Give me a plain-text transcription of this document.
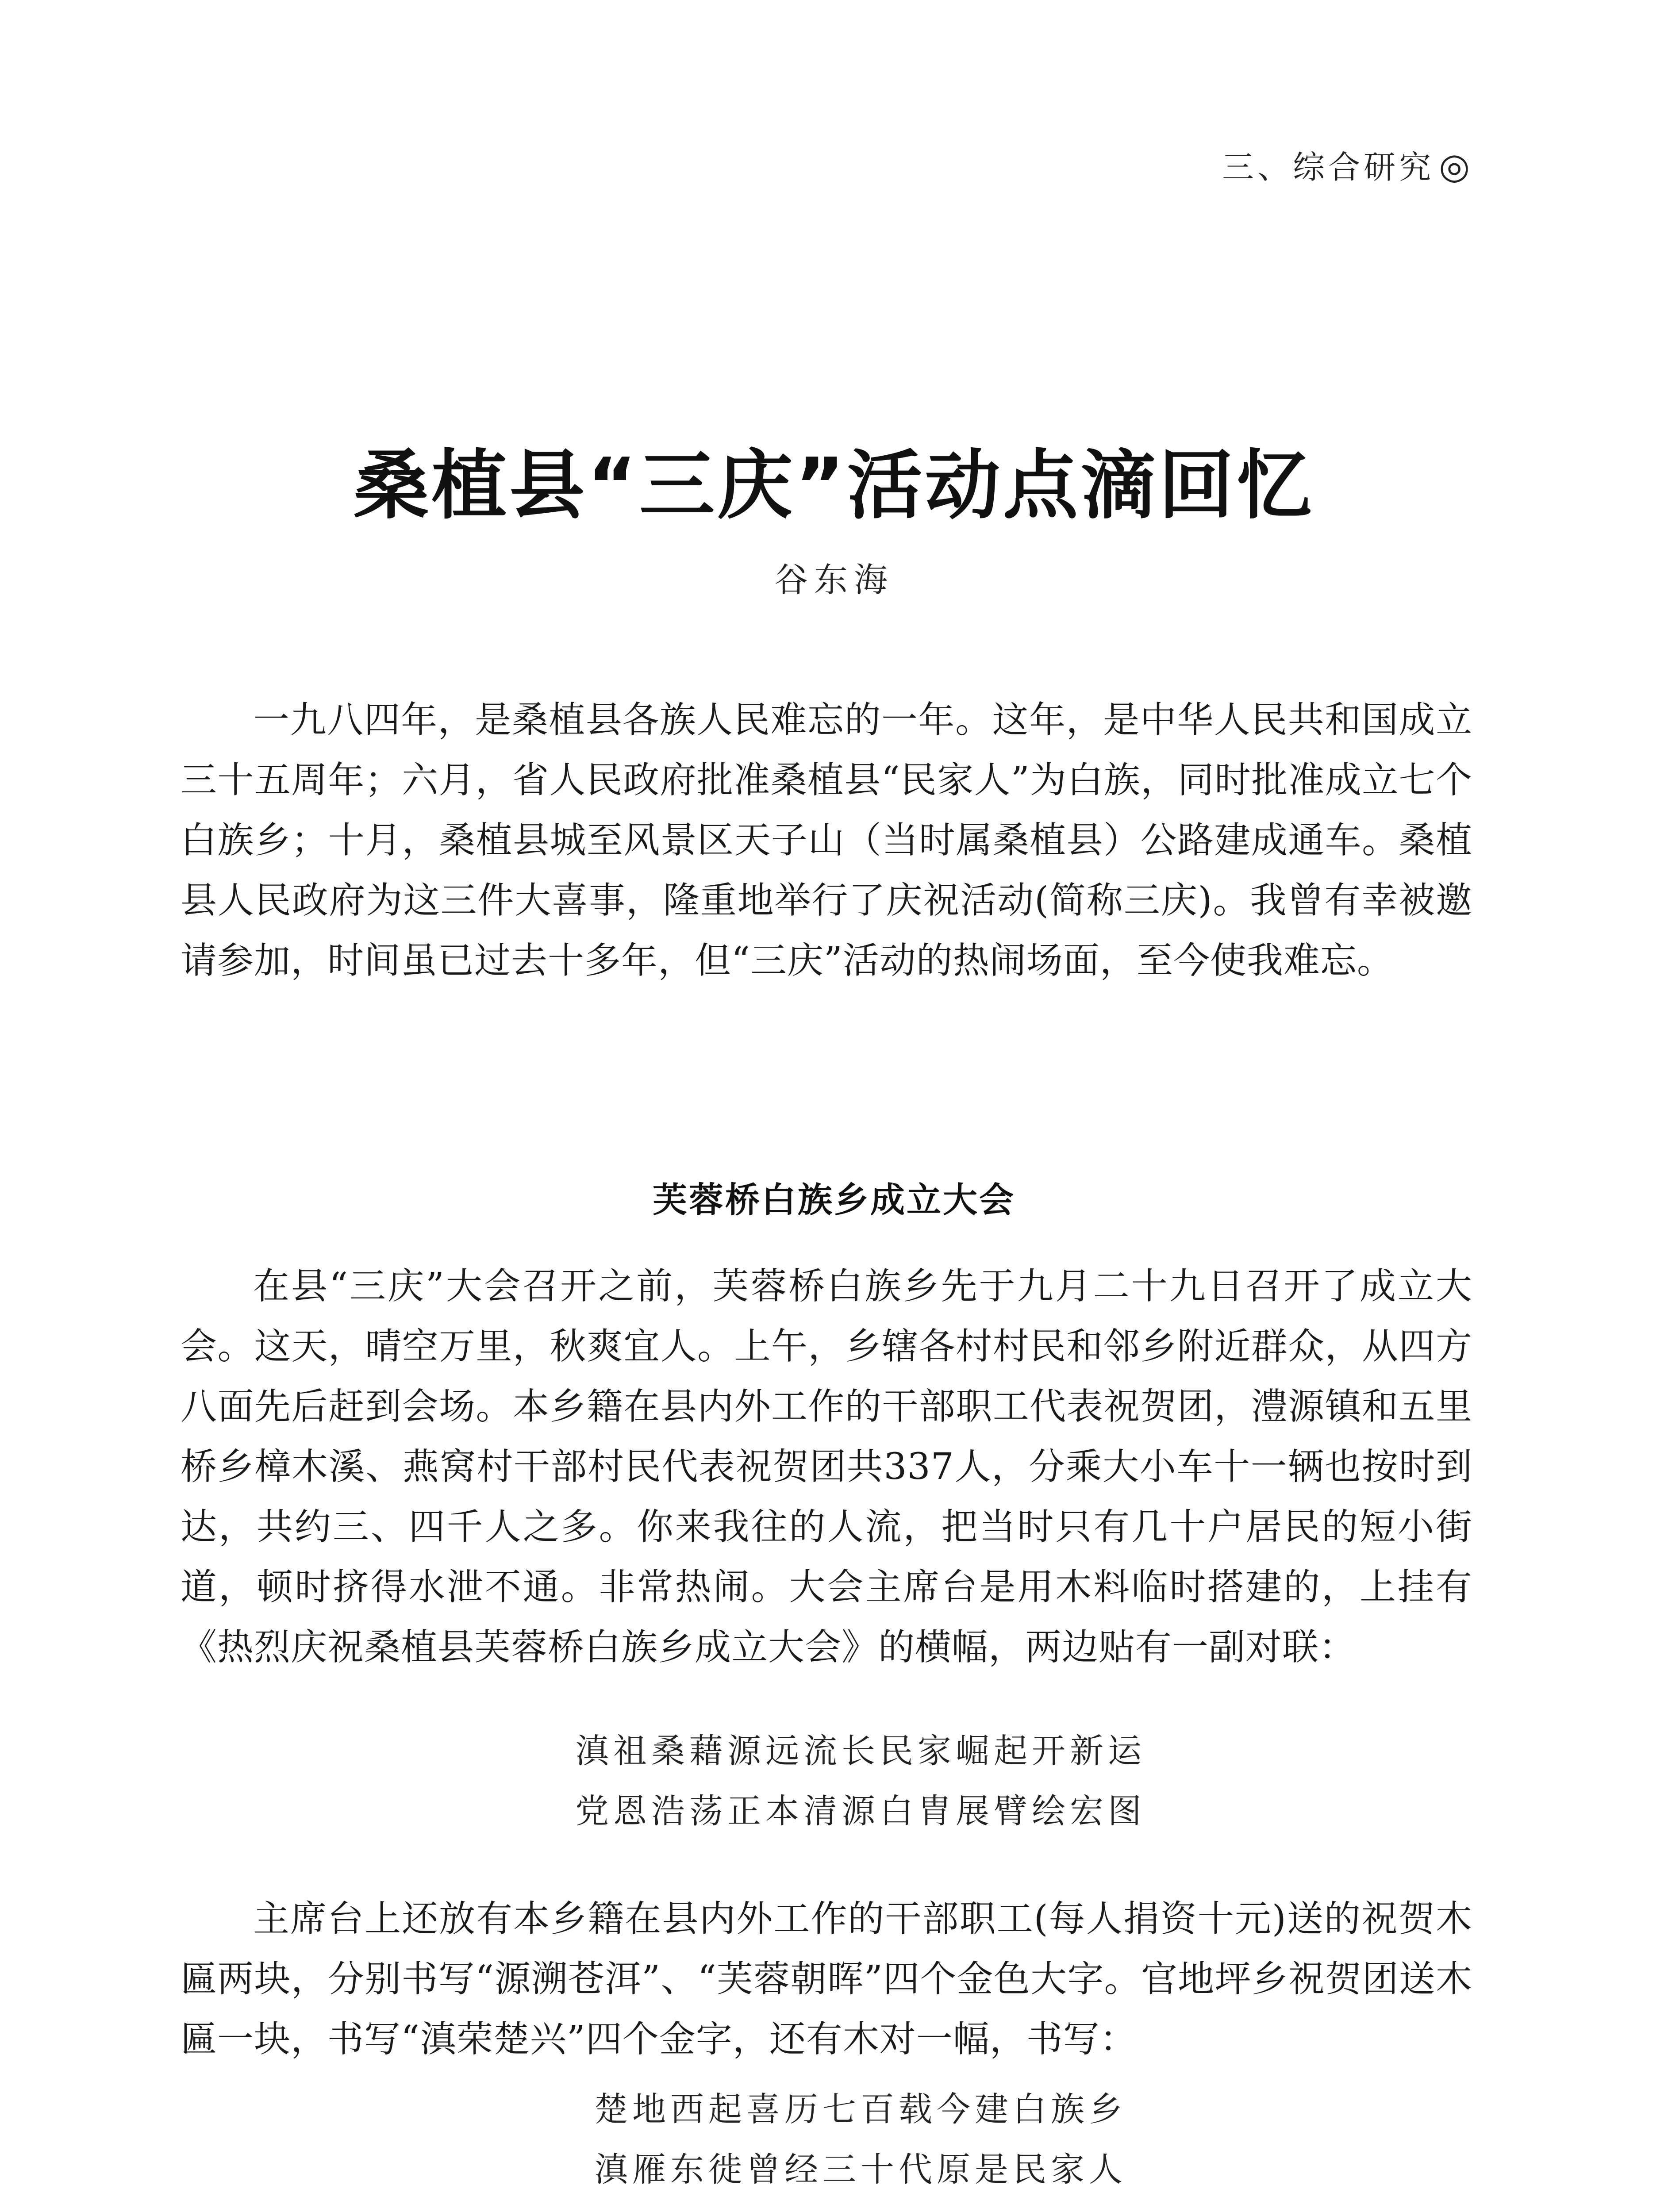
三、综合研究 ◎
桑植县“三庆”活动点滴回忆
谷东海

一九八四年，是桑植县各族人民难忘的一年。这年，是中华人民共和国成立三十五周年；六月，省人民政府批准桑植县“民家人”为白族，同时批准成立七个白族乡；十月，桑植县城至风景区天子山（当时属桑植县）公路建成通车。桑植县人民政府为这三件大喜事，隆重地举行了庆祝活动(简称三庆)。我曾有幸被邀请参加，时间虽已过去十多年，但“三庆”活动的热闹场面，至今使我难忘。

芙蓉桥白族乡成立大会

在县“三庆”大会召开之前，芙蓉桥白族乡先于九月二十九日召开了成立大会。这天，晴空万里，秋爽宜人。上午，乡辖各村村民和邻乡附近群众，从四方八面先后赶到会场。本乡籍在县内外工作的干部职工代表祝贺团，澧源镇和五里桥乡樟木溪、燕窝村干部村民代表祝贺团共337人，分乘大小车十一辆也按时到达，共约三、四千人之多。你来我往的人流，把当时只有几十户居民的短小街道，顿时挤得水泄不通。非常热闹。大会主席台是用木料临时搭建的，上挂有《热烈庆祝桑植县芙蓉桥白族乡成立大会》的横幅，两边贴有一副对联：

滇祖桑藉源远流长民家崛起开新运
党恩浩荡正本清源白胄展臂绘宏图

主席台上还放有本乡籍在县内外工作的干部职工(每人捐资十元)送的祝贺木匾两块，分别书写“源溯苍洱”、“芙蓉朝晖”四个金色大字。官地坪乡祝贺团送木匾一块，书写“滇荣楚兴”四个金字，还有木对一幅，书写：

楚地西起喜历七百载今建白族乡
滇雁东徙曾经三十代原是民家人
